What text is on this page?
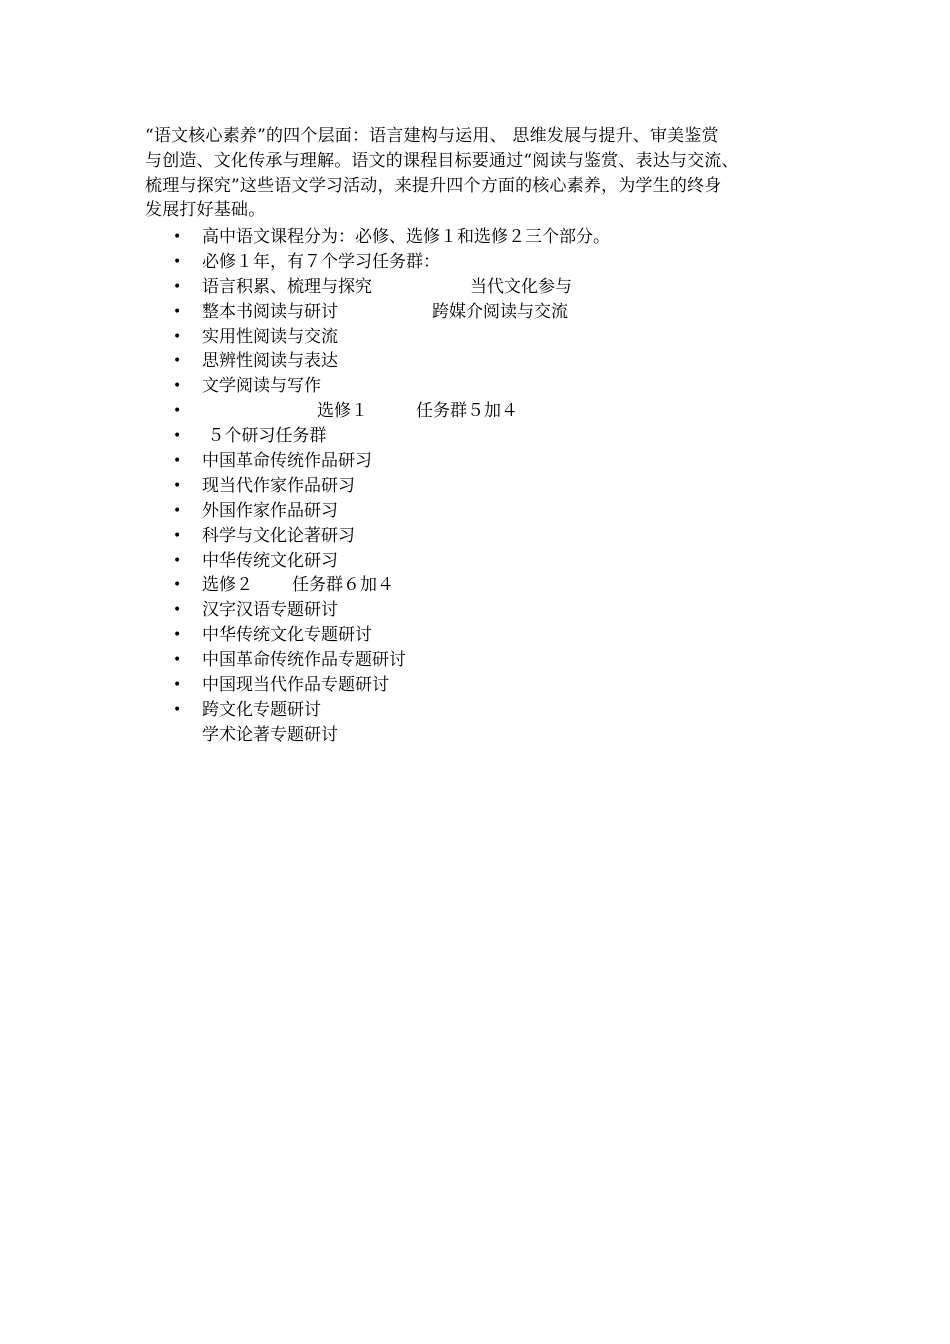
“语文核心素养”的四个层面：语言建构与运用、 思维发展与提升、审美鉴赏
与创造、文化传承与理解。语文的课程目标要通过“阅读与鉴赏、表达与交流、
梳理与探究”这些语文学习活动，来提升四个方面的核心素养，为学生的终身
发展打好基础。

•

高中语文课程分为：必修、选修１和选修２三个部分。

•

必修１年，有７个学习任务群：

•

语言积累、梳理与探究

	当代文化参与

•

整本书阅读与研讨

	跨媒介阅读与交流

•

实用性阅读与交流

•

思辨性阅读与表达

•

文学阅读与写作

•

	选修１

	任务群５加４

•

５个研习任务群

•

中国革命传统作品研习

•

现当代作家作品研习

•

外国作家作品研习

•

科学与文化论著研习

•

中华传统文化研习

•

选修２

任务群６加４

•

汉字汉语专题研讨

•

中华传统文化专题研讨

•

中国革命传统作品专题研讨

•

中国现当代作品专题研讨

•

跨文化专题研讨

学术论著专题研讨
